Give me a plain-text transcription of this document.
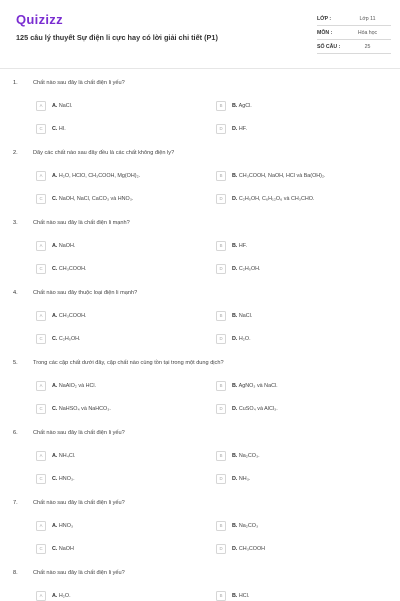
Quizizz
125 câu lý thuyết Sự điện li cực hay có lời giải chi tiết (P1)
LỚP :	Lớp 11
MÔN :	Hóa học
SỐ CÂU :	25
1.	Chất nào sau đây là chất điện li yếu?
A	A. NaCl.	B	B. AgCl.
C	C. HI.	D	D. HF.
2.	Dãy các chất nào sau đây đều là các chất không điện ly?
A	A. H₂O, HClO, CH₃COOH, Mg(OH)₂.	B	B. CH₃COOH, NaOH, HCl và Ba(OH)₂.
C	C. NaOH, NaCl, CaCO₃ và HNO₃.	D	D. C₂H₅OH, C₆H₁₂O₆ và CH₃CHO.
3.	Chất nào sau đây là chất điện li mạnh?
A	A. NaOH.	B	B. HF.
C	C. CH₃COOH.	D	D. C₂H₅OH.
4.	Chất nào sau đây thuộc loại điện li mạnh?
A	A. CH₃COOH.	B	B. NaCl.
C	C. C₂H₅OH.	D	D. H₂O.
5.	Trong các cặp chất dưới đây, cặp chất nào cùng tồn tại trong một dung dịch?
A	A. NaAlO₂ và HCl.	B	B. AgNO₃ và NaCl.
C	C. NaHSO₄ và NaHCO₃.	D	D. CuSO₄ và AlCl₃.
6.	Chất nào sau đây là chất điện li yếu?
A	A. NH₄Cl.	B	B. Na₂CO₃.
C	C. HNO₃.	D	D. NH₃.
7.	Chất nào sau đây là chất điện li yếu?
A	A. HNO₃	B	B. Na₂CO₃
C	C. NaOH	D	D. CH₃COOH
8.	Chất nào sau đây là chất điện li yếu?
A	A. H₂O.	B	B. HCl.
